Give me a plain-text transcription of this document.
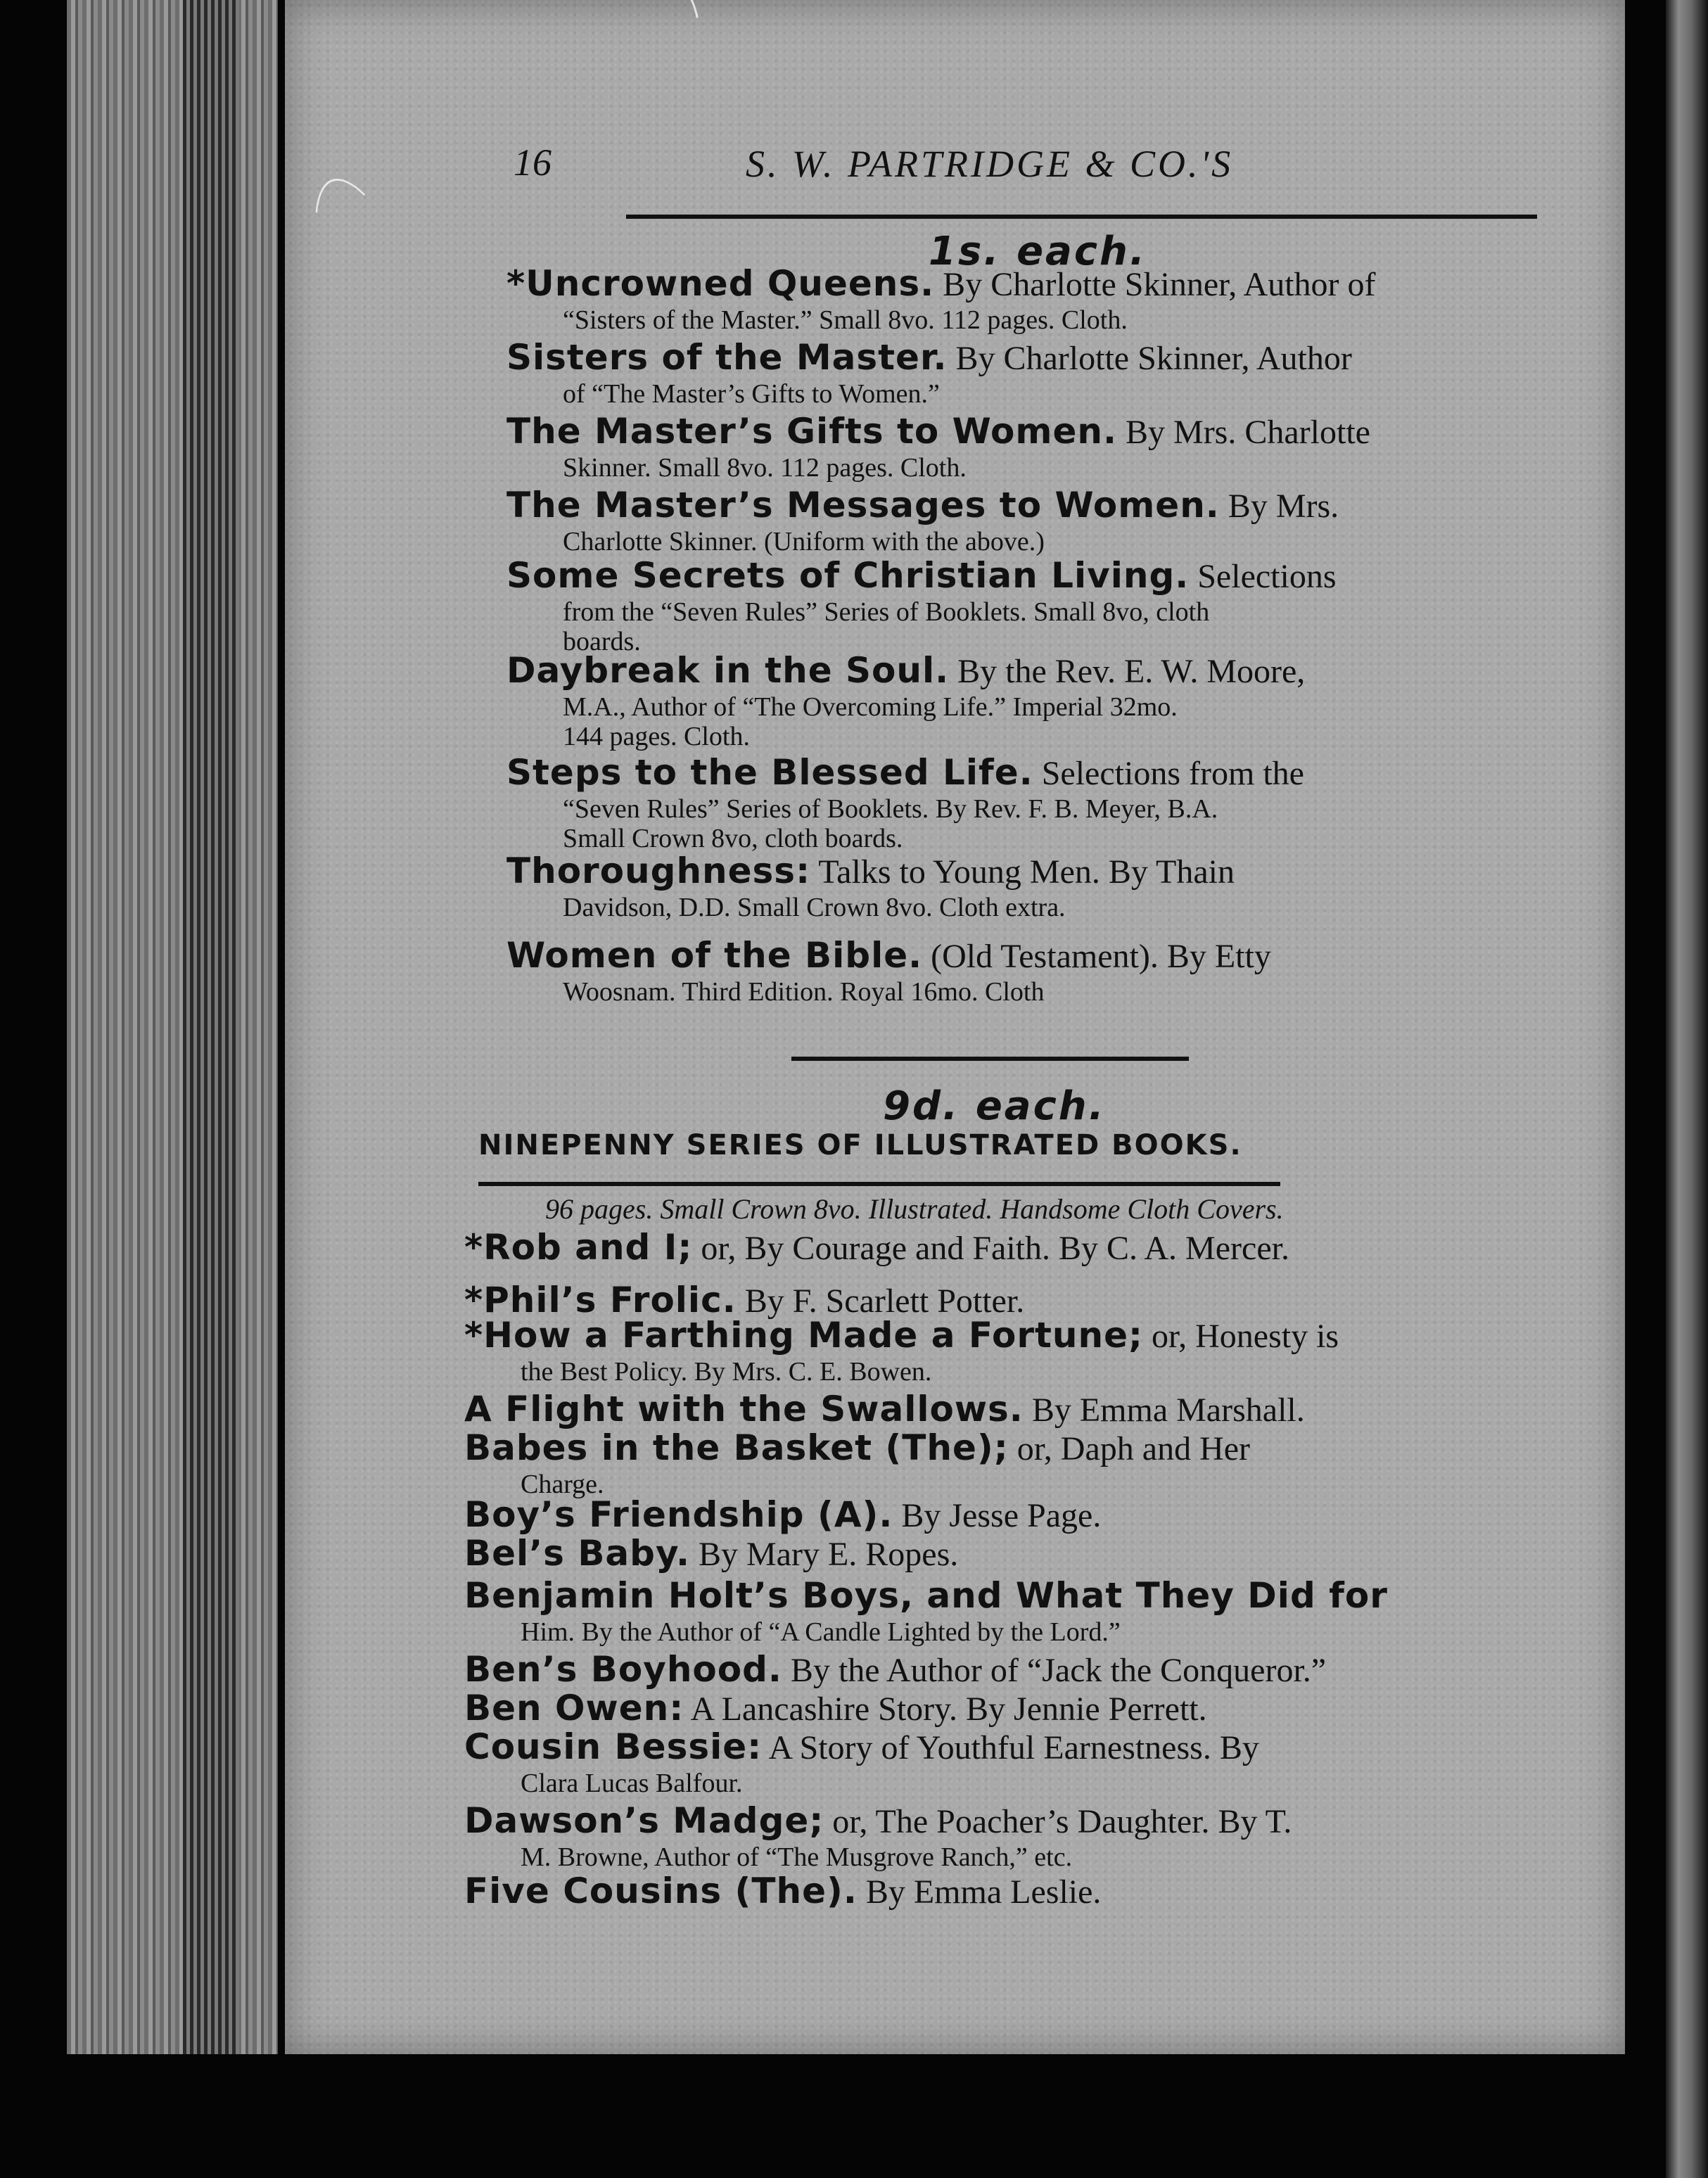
16	S. W. PARTRIDGE & CO.'S
1s. each.
*Uncrowned Queens. By Charlotte Skinner, Author of
“Sisters of the Master.” Small 8vo. 112 pages. Cloth.
Sisters of the Master. By Charlotte Skinner, Author
of “The Master’s Gifts to Women.”
The Master’s Gifts to Women. By Mrs. Charlotte
Skinner. Small 8vo. 112 pages. Cloth.
The Master’s Messages to Women. By Mrs.
Charlotte Skinner. (Uniform with the above.)
Some Secrets of Christian Living. Selections
from the “Seven Rules” Series of Booklets. Small 8vo, cloth
boards.
Daybreak in the Soul. By the Rev. E. W. Moore,
M.A., Author of “The Overcoming Life.” Imperial 32mo.
144 pages. Cloth.
Steps to the Blessed Life. Selections from the
“Seven Rules” Series of Booklets. By Rev. F. B. Meyer, B.A.
Small Crown 8vo, cloth boards.
Thoroughness: Talks to Young Men. By Thain
Davidson, D.D. Small Crown 8vo. Cloth extra.
Women of the Bible. (Old Testament). By Etty
Woosnam. Third Edition. Royal 16mo. Cloth
9d. each.
NINEPENNY SERIES OF ILLUSTRATED BOOKS.
96 pages. Small Crown 8vo. Illustrated. Handsome Cloth Covers.
*Rob and I; or, By Courage and Faith. By C. A. Mercer.
*Phil’s Frolic. By F. Scarlett Potter.
*How a Farthing Made a Fortune; or, Honesty is
the Best Policy. By Mrs. C. E. Bowen.
A Flight with the Swallows. By Emma Marshall.
Babes in the Basket (The); or, Daph and Her
Charge.
Boy’s Friendship (A). By Jesse Page.
Bel’s Baby. By Mary E. Ropes.
Benjamin Holt’s Boys, and What They Did for
Him. By the Author of “A Candle Lighted by the Lord.”
Ben’s Boyhood. By the Author of “Jack the Conqueror.”
Ben Owen: A Lancashire Story. By Jennie Perrett.
Cousin Bessie: A Story of Youthful Earnestness. By
Clara Lucas Balfour.
Dawson’s Madge; or, The Poacher’s Daughter. By T.
M. Browne, Author of “The Musgrove Ranch,” etc.
Five Cousins (The). By Emma Leslie.
